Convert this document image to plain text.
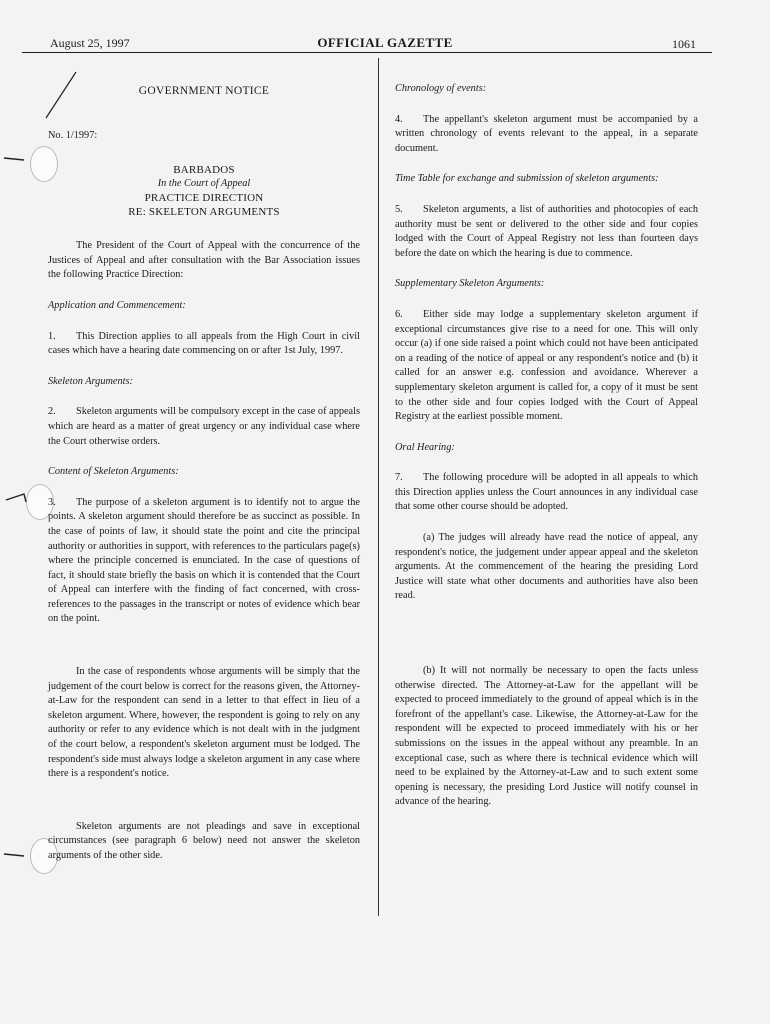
August 25, 1997	OFFICIAL GAZETTE	1061

GOVERNMENT NOTICE

No. 1/1997:

BARBADOS

In the Court of Appeal

PRACTICE DIRECTION

RE: SKELETON ARGUMENTS

The President of the Court of Appeal with the concurrence of the Justices of Appeal and after consultation with the Bar Association issues the following Practice Direction:

Application and Commencement:

1. This Direction applies to all appeals from the High Court in civil cases which have a hearing date commencing on or after 1st July, 1997.

Skeleton Arguments:

2. Skeleton arguments will be compulsory except in the case of appeals which are heard as a matter of great urgency or any individual case where the Court otherwise orders.

Content of Skeleton Arguments:

3. The purpose of a skeleton argument is to identify not to argue the points. A skeleton argument should therefore be as succinct as possible. In the case of points of law, it should state the point and cite the principal authority or authorities in support, with references to the particulars page(s) where the principle concerned is enunciated. In the case of questions of fact, it should state briefly the basis on which it is contended that the Court of Appeal can interfere with the finding of fact concerned, with cross-references to the passages in the transcript or notes of evidence which bear on the point.

In the case of respondents whose arguments will be simply that the judgement of the court below is correct for the reasons given, the Attorney-at-Law for the respondent can send in a letter to that effect in lieu of a skeleton argument. Where, however, the respondent is going to rely on any authority or refer to any evidence which is not dealt with in the judgment of the court below, a respondent's skeleton argument must be lodged. The respondent's side must always lodge a skeleton argument in any case where there is a respondent's notice.

Skeleton arguments are not pleadings and save in exceptional circumstances (see paragraph 6 below) need not answer the skeleton arguments of the other side.

Chronology of events:

4. The appellant's skeleton argument must be accompanied by a written chronology of events relevant to the appeal, in a separate document.

Time Table for exchange and submission of skeleton arguments:

5. Skeleton arguments, a list of authorities and photocopies of each authority must be sent or delivered to the other side and four copies lodged with the Court of Appeal Registry not less than fourteen days before the date on which the hearing is due to commence.

Supplementary Skeleton Arguments:

6. Either side may lodge a supplementary skeleton argument if exceptional circumstances give rise to a need for one. This will only occur (a) if one side raised a point which could not have been anticipated on a reading of the notice of appeal or any respondent's notice and (b) it called for an answer e.g. confession and avoidance. Wherever a supplementary skeleton argument is called for, a copy of it must be sent to the other side and four copies lodged with the Court of Appeal Registry at the earliest possible moment.

Oral Hearing:

7. The following procedure will be adopted in all appeals to which this Direction applies unless the Court announces in any individual case that some other course should be adopted.

(a) The judges will already have read the notice of appeal, any respondent's notice, the judgement under appear appeal and the skeleton arguments. At the commencement of the hearing the presiding Lord Justice will state what other documents and authorities have also been read.

(b) It will not normally be necessary to open the facts unless otherwise directed. The Attorney-at-Law for the appellant will be expected to proceed immediately to the ground of appeal which is in the forefront of the appellant's case. Likewise, the Attorney-at-Law for the respondent will be expected to proceed immediately with his or her submissions on the issues in the appeal without any preamble. In an exceptional case, such as where there is technical evidence which will need to be explained by the Attorney-at-Law and to such extent some opening is necessary, the presiding Lord Justice will notify counsel in advance of the hearing.
